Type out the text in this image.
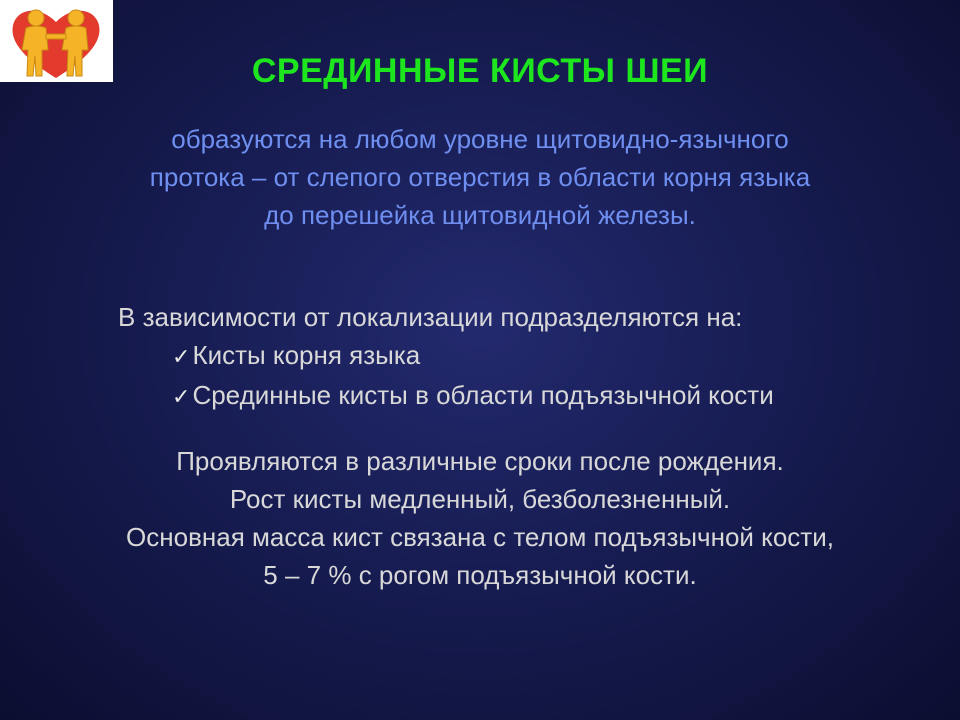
СРЕДИННЫЕ КИСТЫ ШЕИ
образуются на любом уровне щитовидно-язычного
протока – от слепого отверстия в области корня языка
до перешейка щитовидной железы.
В зависимости от локализации подразделяются на:
✓Кисты корня языка
✓Срединные кисты в области подъязычной кости

Проявляются в различные сроки после рождения.

Рост кисты медленный, безболезненный.

Основная масса кист связана с телом подъязычной кости,

5 – 7 % с рогом подъязычной кости.
